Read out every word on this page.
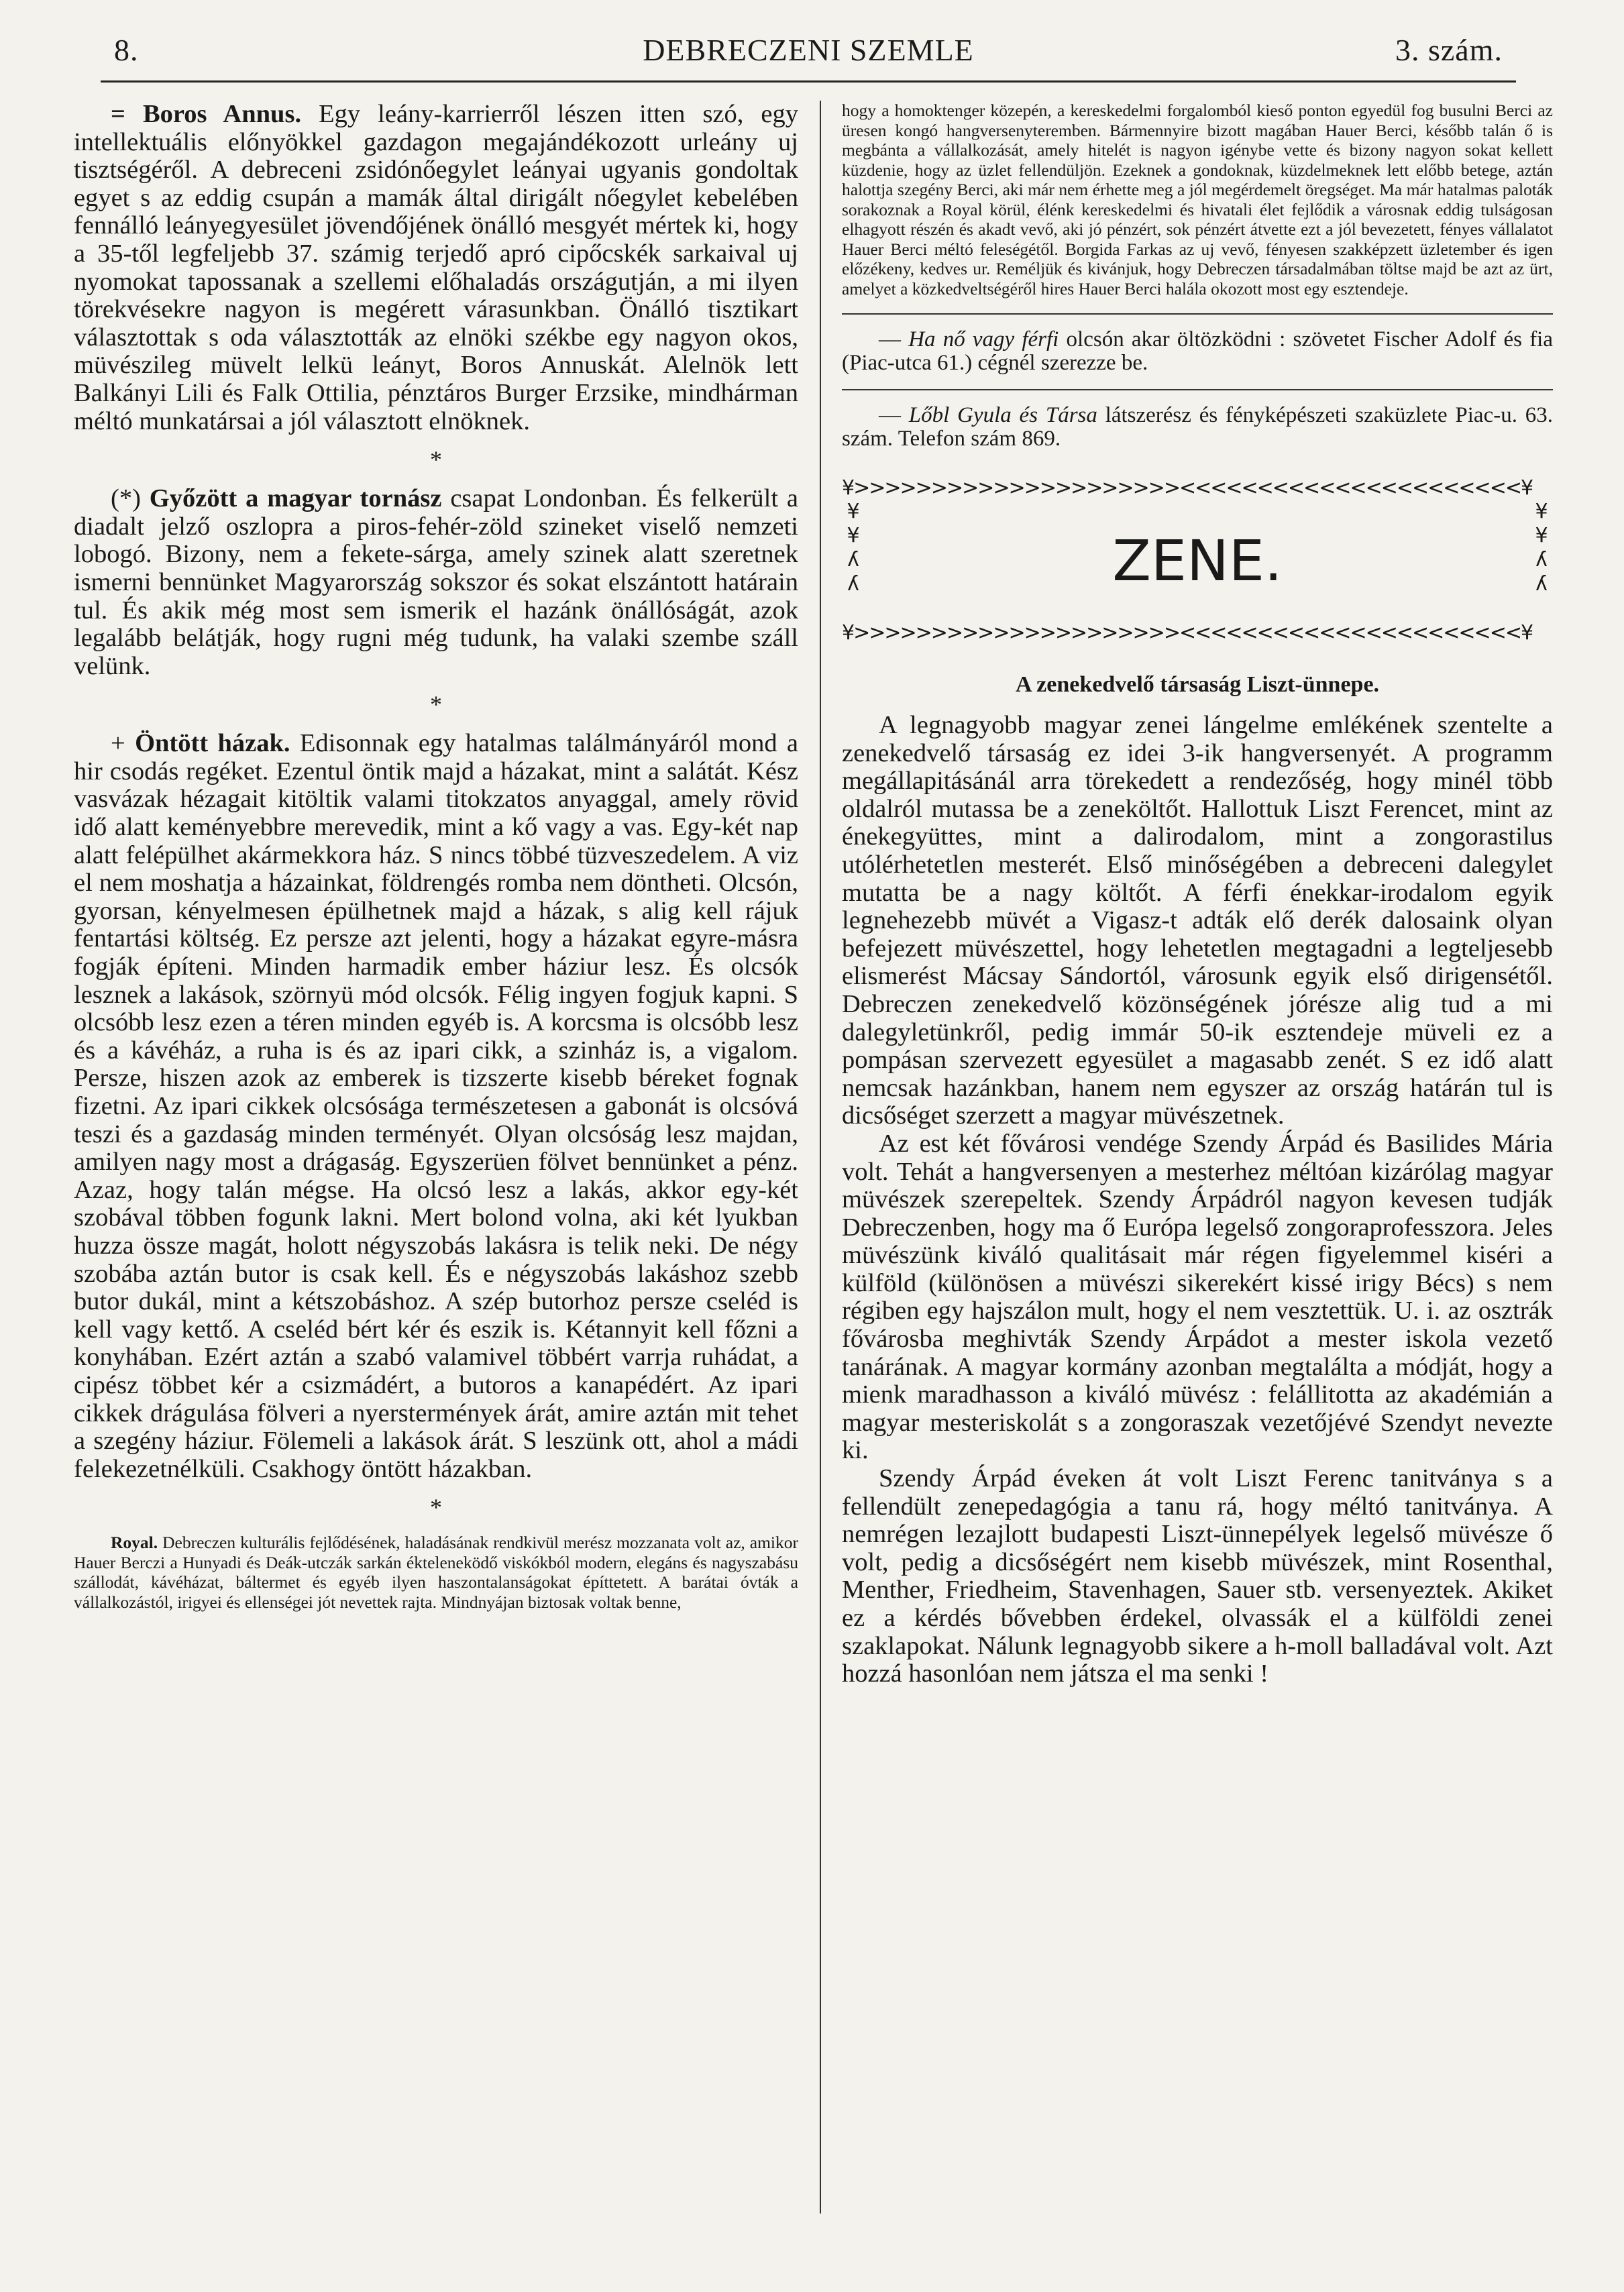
8.	DEBRECZENI SZEMLE	3. szám.

= Boros Annus. Egy leány-karrierről lészen itten szó, egy intellektuális előnyökkel gazdagon megajándékozott urleány uj tisztségéről. A debreceni zsidónőegylet leányai ugyanis gondoltak egyet s az eddig csupán a mamák által dirigált nőegylet kebelében fennálló leányegyesület jövendőjének önálló mesgyét mértek ki, hogy a 35-től legfeljebb 37. számig terjedő apró cipőcskék sarkaival uj nyomokat tapossanak a szellemi előhaladás országutján, a mi ilyen törekvésekre nagyon is megérett várasunkban. Önálló tisztikart választottak s oda választották az elnöki székbe egy nagyon okos, müvészileg müvelt lelkü leányt, Boros Annuskát. Alelnök lett Balkányi Lili és Falk Ottilia, pénztáros Burger Erzsike, mindhárman méltó munkatársai a jól választott elnöknek.

*

(*) Győzött a magyar tornász csapat Londonban. És felkerült a diadalt jelző oszlopra a piros-fehér-zöld szineket viselő nemzeti lobogó. Bizony, nem a fekete-sárga, amely szinek alatt szeretnek ismerni bennünket Magyarország sokszor és sokat elszántott határain tul. És akik még most sem ismerik el hazánk önállóságát, azok legalább belátják, hogy rugni még tudunk, ha valaki szembe száll velünk.

*

+ Öntött házak. Edisonnak egy hatalmas találmányáról mond a hir csodás regéket. Ezentul öntik majd a házakat, mint a salátát. Kész vasvázak hézagait kitöltik valami titokzatos anyaggal, amely rövid idő alatt keményebbre merevedik, mint a kő vagy a vas. Egy-két nap alatt felépülhet akármekkora ház. S nincs többé tüzveszedelem. A viz el nem moshatja a házainkat, földrengés romba nem döntheti. Olcsón, gyorsan, kényelmesen épülhetnek majd a házak, s alig kell rájuk fentartási költség. Ez persze azt jelenti, hogy a házakat egyre-másra fogják építeni. Minden harmadik ember háziur lesz. És olcsók lesznek a lakások, szörnyü mód olcsók. Félig ingyen fogjuk kapni. S olcsóbb lesz ezen a téren minden egyéb is. A korcsma is olcsóbb lesz és a kávéház, a ruha is és az ipari cikk, a szinház is, a vigalom. Persze, hiszen azok az emberek is tizszerte kisebb béreket fognak fizetni. Az ipari cikkek olcsósága természetesen a gabonát is olcsóvá teszi és a gazdaság minden terményét. Olyan olcsóság lesz majdan, amilyen nagy most a drágaság. Egyszerüen fölvet bennünket a pénz. Azaz, hogy talán mégse. Ha olcsó lesz a lakás, akkor egy-két szobával többen fogunk lakni. Mert bolond volna, aki két lyukban huzza össze magát, holott négyszobás lakásra is telik neki. De négy szobába aztán butor is csak kell. És e négyszobás lakáshoz szebb butor dukál, mint a kétszobáshoz. A szép butorhoz persze cseléd is kell vagy kettő. A cseléd bért kér és eszik is. Kétannyit kell főzni a konyhában. Ezért aztán a szabó valamivel többért varrja ruhádat, a cipész többet kér a csizmádért, a butoros a kanapédért. Az ipari cikkek drágulása fölveri a nyerstermények árát, amire aztán mit tehet a szegény háziur. Fölemeli a lakások árát. S leszünk ott, ahol a mádi felekezetnélküli. Csakhogy öntött házakban.

*

Royal. Debreczen kulturális fejlődésének, haladásának rendkivül merész mozzanata volt az, amikor Hauer Berczi a Hunyadi és Deák-utczák sarkán ékteleneködő viskókból modern, elegáns és nagyszabásu szállodát, kávéházat, báltermet és egyéb ilyen haszontalanságokat építtetett. A barátai óvták a vállalkozástól, irigyei és ellenségei jót nevettek rajta. Mindnyájan biztosak voltak benne,

hogy a homoktenger közepén, a kereskedelmi forgalomból kieső ponton egyedül fog busulni Berci az üresen kongó hangversenyteremben. Bármennyire bizott magában Hauer Berci, később talán ő is megbánta a vállalkozását, amely hitelét is nagyon igénybe vette és bizony nagyon sokat kellett küzdenie, hogy az üzlet fellendüljön. Ezeknek a gondoknak, küzdelmeknek lett előbb betege, aztán halottja szegény Berci, aki már nem érhette meg a jól megérdemelt öregséget. Ma már hatalmas paloták sorakoznak a Royal körül, élénk kereskedelmi és hivatali élet fejlődik a városnak eddig tulságosan elhagyott részén és akadt vevő, aki jó pénzért, sok pénzért átvette ezt a jól bevezetett, fényes vállalatot Hauer Berci méltó feleségétől. Borgida Farkas az uj vevő, fényesen szakképzett üzletember és igen előzékeny, kedves ur. Reméljük és kivánjuk, hogy Debreczen társadalmában töltse majd be azt az ürt, amelyet a közkedveltségéről hires Hauer Berci halála okozott most egy esztendeje.

— Ha nő vagy férfi olcsón akar öltözködni : szövetet Fischer Adolf és fia (Piac-utca 61.) cégnél szerezze be.

— Lőbl Gyula és Társa látszerész és fényképészeti szaküzlete Piac-u. 63. szám. Telefon szám 869.

¥>>>>>>>>>>>>>>>>>>>>><<<<<<<<<<<<<<<<<<<<<<¥
¥ ¥ ʎ ʎ	ZENE.
¥ ¥ ʎ ʎ
¥>>>>>>>>>>>>>>>>>>>>><<<<<<<<<<<<<<<<<<<<<<¥

A zenekedvelő társaság Liszt-ünnepe.

A legnagyobb magyar zenei lángelme emlékének szentelte a zenekedvelő társaság ez idei 3-ik hangversenyét. A programm megállapitásánál arra törekedett a rendezőség, hogy minél több oldalról mutassa be a zeneköltőt. Hallottuk Liszt Ferencet, mint az énekegyüttes, mint a dalirodalom, mint a zongorastilus utólérhetetlen mesterét. Első minőségében a debreceni dalegylet mutatta be a nagy költőt. A férfi énekkar-irodalom egyik legnehezebb müvét a Vigasz-t adták elő derék dalosaink olyan befejezett müvészettel, hogy lehetetlen megtagadni a legteljesebb elismerést Mácsay Sándortól, városunk egyik első dirigensétől. Debreczen zenekedvelő közönségének jórésze alig tud a mi dalegyletünkről, pedig immár 50-ik esztendeje müveli ez a pompásan szervezett egyesület a magasabb zenét. S ez idő alatt nemcsak hazánkban, hanem nem egyszer az ország határán tul is dicsőséget szerzett a magyar müvészetnek.

Az est két fővárosi vendége Szendy Árpád és Basilides Mária volt. Tehát a hangversenyen a mesterhez méltóan kizárólag magyar müvészek szerepeltek. Szendy Árpádról nagyon kevesen tudják Debreczenben, hogy ma ő Európa legelső zongoraprofesszora. Jeles müvészünk kiváló qualitásait már régen figyelemmel kiséri a külföld (különösen a müvészi sikerekért kissé irigy Bécs) s nem régiben egy hajszálon mult, hogy el nem vesztettük. U. i. az osztrák fővárosba meghivták Szendy Árpádot a mester iskola vezető tanárának. A magyar kormány azonban megtalálta a módját, hogy a mienk maradhasson a kiváló müvész : felállitotta az akadémián a magyar mesteriskolát s a zongoraszak vezetőjévé Szendyt nevezte ki.

Szendy Árpád éveken át volt Liszt Ferenc tanitványa s a fellendült zenepedagógia a tanu rá, hogy méltó tanitványa. A nemrégen lezajlott budapesti Liszt-ünnepélyek legelső müvésze ő volt, pedig a dicsőségért nem kisebb müvészek, mint Rosenthal, Menther, Friedheim, Stavenhagen, Sauer stb. versenyeztek. Akiket ez a kérdés bővebben érdekel, olvassák el a külföldi zenei szaklapokat. Nálunk legnagyobb sikere a h-moll balladával volt. Azt hozzá hasonlóan nem játsza el ma senki !
